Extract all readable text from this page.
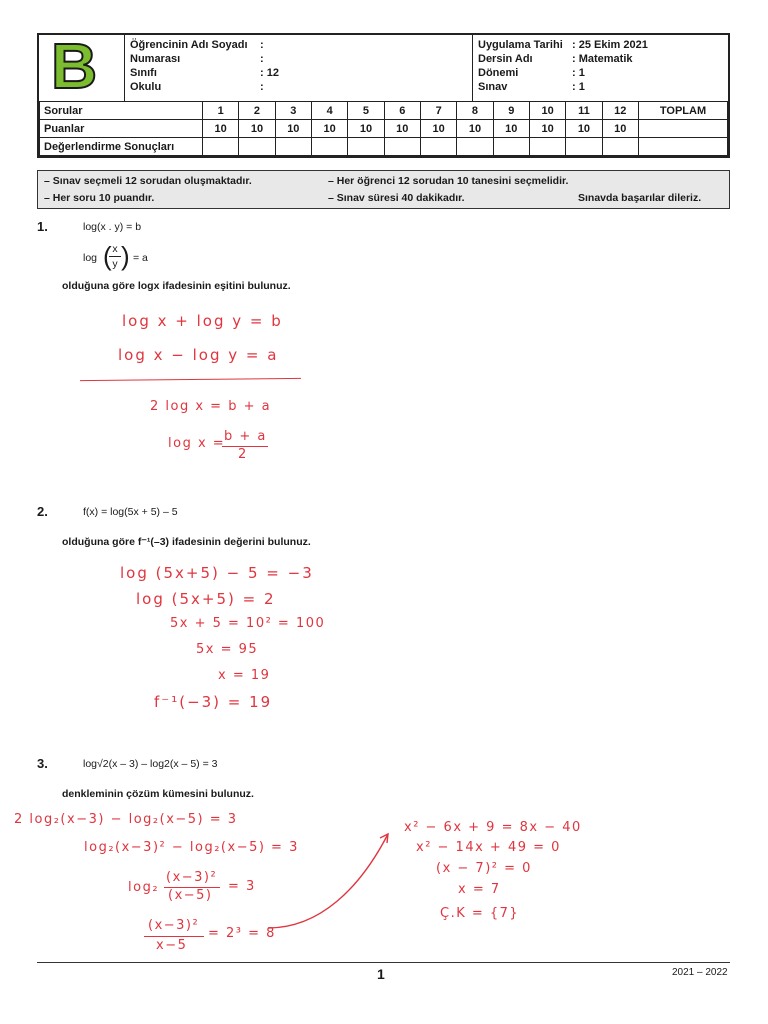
B	Öğrencinin Adı Soyadı :
Numarası	:
Sınıfı	: 12
Okulu	:
Uygulama Tarihi : 25 Ekim 2021
Dersin Adı	: Matematik
Dönemi	: 1
Sınav	: 1
Sorular	1	2	3	4	5	6	7	8	9	10	11	12	TOPLAM
Puanlar	10	10	10	10	10	10	10	10	10	10	10	10	
Değerlendirme Sonuçları													
– Sınav seçmeli 12 sorudan oluşmaktadır.	– Her öğrenci 12 sorudan 10 tanesini seçmelidir.
– Her soru 10 puandır.	– Sınav süresi 40 dakikadır.	Sınavda başarılar dileriz.
1.	log(x . y) = b
log ( x
y ) = a
olduğuna göre logx ifadesinin eşitini bulunuz.
log x + log y = b
log x − log y = a
2 log x = b + a
log x =
b + a
2
2.	f(x) = log(5x + 5) – 5
olduğuna göre f⁻¹(–3) ifadesinin değerini bulunuz.
log (5x+5) − 5 = −3
log (5x+5) = 2
5x + 5 = 10² = 100
5x = 95
x = 19
f⁻¹(−3) = 19
3.	log√2(x – 3) – log2(x – 5) = 3
denkleminin çözüm kümesini bulunuz.
2 log₂(x−3) − log₂(x−5) = 3
log₂(x−3)² − log₂(x−5) = 3
log₂
(x−3)²
(x−5)
= 3
(x−3)²
x−5
= 2³ = 8
x² − 6x + 9 = 8x − 40
x² − 14x + 49 = 0
(x − 7)² = 0
x = 7
Ç.K = {7}
1	2021 – 2022
